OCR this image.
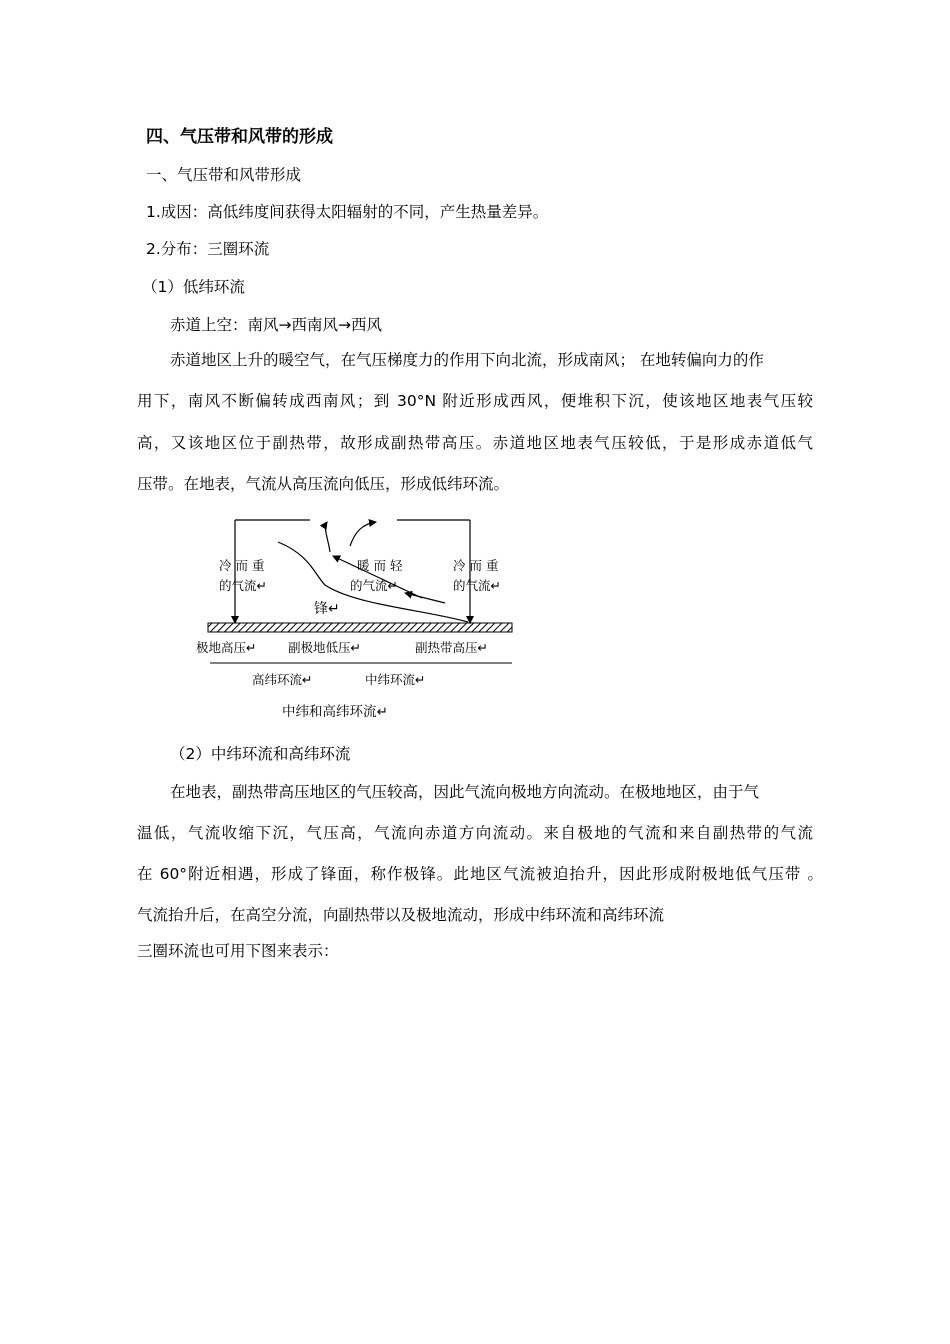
四、气压带和风带的形成
一、气压带和风带形成
1.成因：高低纬度间获得太阳辐射的不同，产生热量差异。
2.分布：三圈环流
（1）低纬环流
赤道上空：南风→西南风→西风
赤道地区上升的暖空气，在气压梯度力的作用下向北流，形成南风； 在地转偏向力的作
用下，南风不断偏转成西南风；到 30°N 附近形成西风，便堆积下沉，使该地区地表气压较
高，又该地区位于副热带，故形成副热带高压。赤道地区地表气压较低，于是形成赤道低气
压带。在地表，气流从高压流向低压，形成低纬环流。
冷 而 重
的气流↵
暖 而 轻
的气流↵
冷 而 重
的气流↵
锋↵
极地高压↵	副极地低压↵	副热带高压↵
高纬环流↵	中纬环流↵
中纬和高纬环流↵
（2）中纬环流和高纬环流
在地表，副热带高压地区的气压较高，因此气流向极地方向流动。在极地地区，由于气
温低，气流收缩下沉，气压高，气流向赤道方向流动。来自极地的气流和来自副热带的气流
在 60°附近相遇，形成了锋面，称作极锋。此地区气流被迫抬升，因此形成附极地低气压带 。
气流抬升后，在高空分流，向副热带以及极地流动，形成中纬环流和高纬环流
三圈环流也可用下图来表示：
